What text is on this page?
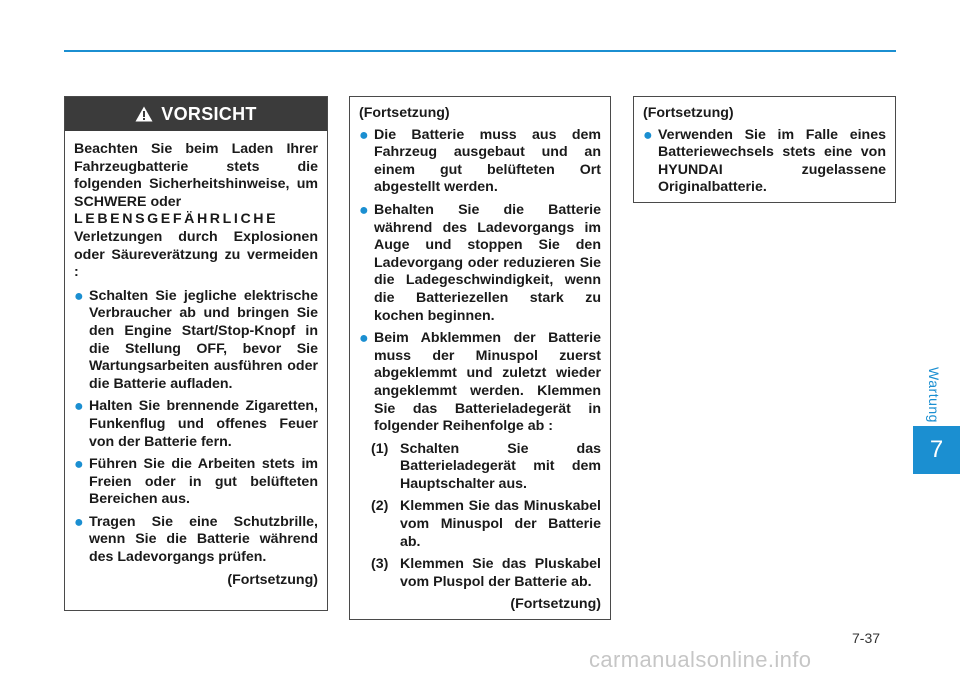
VORSICHT
Beachten Sie beim Laden Ihrer Fahrzeugbatterie stets die folgenden Sicherheitshinweise, um SCHWERE oder
LEBENSGEFÄHRLICHE
Verletzungen durch Explosionen oder Säureverätzung zu vermeiden :
● Schalten Sie jegliche elektrische Verbraucher ab und bringen Sie den Engine Start/Stop-Knopf in die Stellung OFF, bevor Sie Wartungsarbeiten ausführen oder die Batterie aufladen.
● Halten Sie brennende Zigaretten, Funkenflug und offenes Feuer von der Batterie fern.
● Führen Sie die Arbeiten stets im Freien oder in gut belüfteten Bereichen aus.
● Tragen Sie eine Schutzbrille, wenn Sie die Batterie während des Ladevorgangs prüfen.
(Fortsetzung)
(Fortsetzung)
● Die Batterie muss aus dem Fahrzeug ausgebaut und an einem gut belüfteten Ort abgestellt werden.
● Behalten Sie die Batterie während des Ladevorgangs im Auge und stoppen Sie den Ladevorgang oder reduzieren Sie die Ladegeschwindigkeit, wenn die Batteriezellen stark zu kochen beginnen.
● Beim Abklemmen der Batterie muss der Minuspol zuerst abgeklemmt und zuletzt wieder angeklemmt werden. Klemmen Sie das Batterieladegerät in folgender Reihenfolge ab :
(1) Schalten Sie das Batterieladegerät mit dem Hauptschalter aus.
(2) Klemmen Sie das Minuskabel vom Minuspol der Batterie ab.
(3) Klemmen Sie das Pluskabel vom Pluspol der Batterie ab.
(Fortsetzung)
(Fortsetzung)
● Verwenden Sie im Falle eines Batteriewechsels stets eine von HYUNDAI zugelassene Originalbatterie.
Wartung
7
7-37
carmanualsonline.info
